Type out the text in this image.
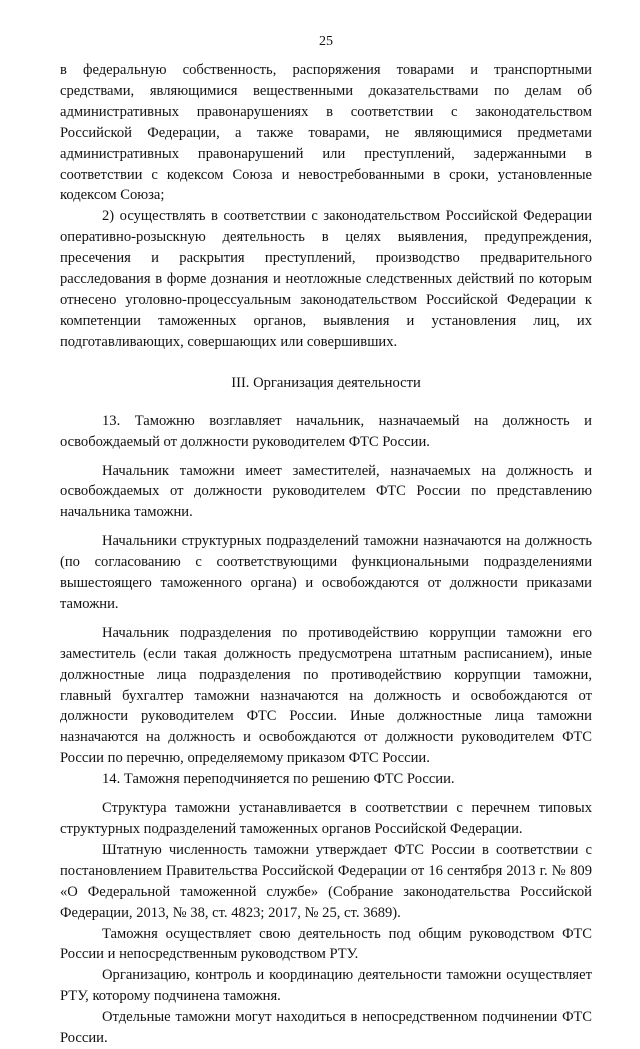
25

в федеральную собственность, распоряжения товарами и транспортными средствами, являющимися вещественными доказательствами по делам об административных правонарушениях в соответствии с законодательством Российской Федерации, а также товарами, не являющимися предметами административных правонарушений или преступлений, задержанными в соответствии с кодексом Союза и невостребованными в сроки, установленные кодексом Союза;

2) осуществлять в соответствии с законодательством Российской Федерации оперативно-розыскную деятельность в целях выявления, предупреждения, пресечения и раскрытия преступлений, производство предварительного расследования в форме дознания и неотложные следственных действий по которым отнесено уголовно-процессуальным законодательством Российской Федерации к компетенции таможенных органов, выявления и установления лиц, их подготавливающих, совершающих или совершивших.

III. Организация деятельности

13. Таможню возглавляет начальник, назначаемый на должность и освобождаемый от должности руководителем ФТС России.

Начальник таможни имеет заместителей, назначаемых на должность и освобождаемых от должности руководителем ФТС России по представлению начальника таможни.

Начальники структурных подразделений таможни назначаются на должность (по согласованию с соответствующими функциональными подразделениями вышестоящего таможенного органа) и освобождаются от должности приказами таможни.

Начальник подразделения по противодействию коррупции таможни его заместитель (если такая должность предусмотрена штатным расписанием), иные должностные лица подразделения по противодействию коррупции таможни, главный бухгалтер таможни назначаются на должность и освобождаются от должности руководителем ФТС России. Иные должностные лица таможни назначаются на должность и освобождаются от должности руководителем ФТС России по перечню, определяемому приказом ФТС России.

14. Таможня переподчиняется по решению ФТС России.

Структура таможни устанавливается в соответствии с перечнем типовых структурных подразделений таможенных органов Российской Федерации.

Штатную численность таможни утверждает ФТС России в соответствии с постановлением Правительства Российской Федерации от 16 сентября 2013 г. № 809 «О Федеральной таможенной службе» (Собрание законодательства Российской Федерации, 2013, № 38, ст. 4823; 2017, № 25, ст. 3689).

Таможня осуществляет свою деятельность под общим руководством ФТС России и непосредственным руководством РТУ.

Организацию, контроль и координацию деятельности таможни осуществляет РТУ, которому подчинена таможня.

Отдельные таможни могут находиться в непосредственном подчинении ФТС России.
